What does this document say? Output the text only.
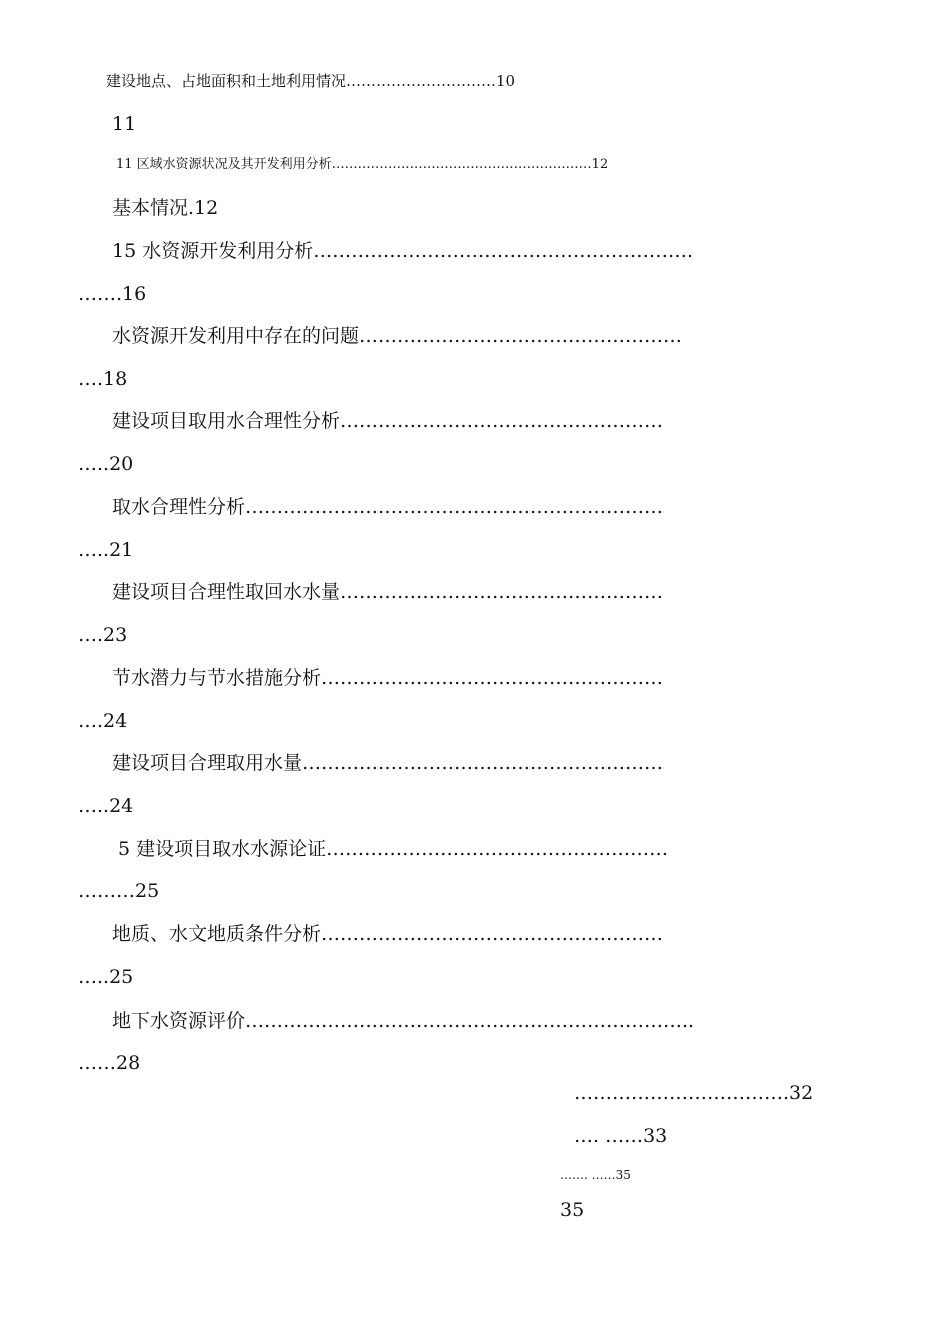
建设地点、占地面积和土地利用情况…………………………10
11
11 区域水资源状况及其开发利用分析……………………………………………………12
基本情况.12
15 水资源开发利用分析……………………………………………………
…….16
水资源开发利用中存在的问题……………………………………………
….18
建设项目取用水合理性分析……………………………………………
…..20
取水合理性分析…………………………………………………………
…..21
建设项目合理性取回水水量……………………………………………
….23
节水潜力与节水措施分析………………………………………………
….24
建设项目合理取用水量…………………………………………………
…..24
5 建设项目取水水源论证………………………………………………
………25
地质、水文地质条件分析………………………………………………
…..25
地下水资源评价……………………………………………………………..
……28
…………………………….32
…. ……33
……. ……35
35
